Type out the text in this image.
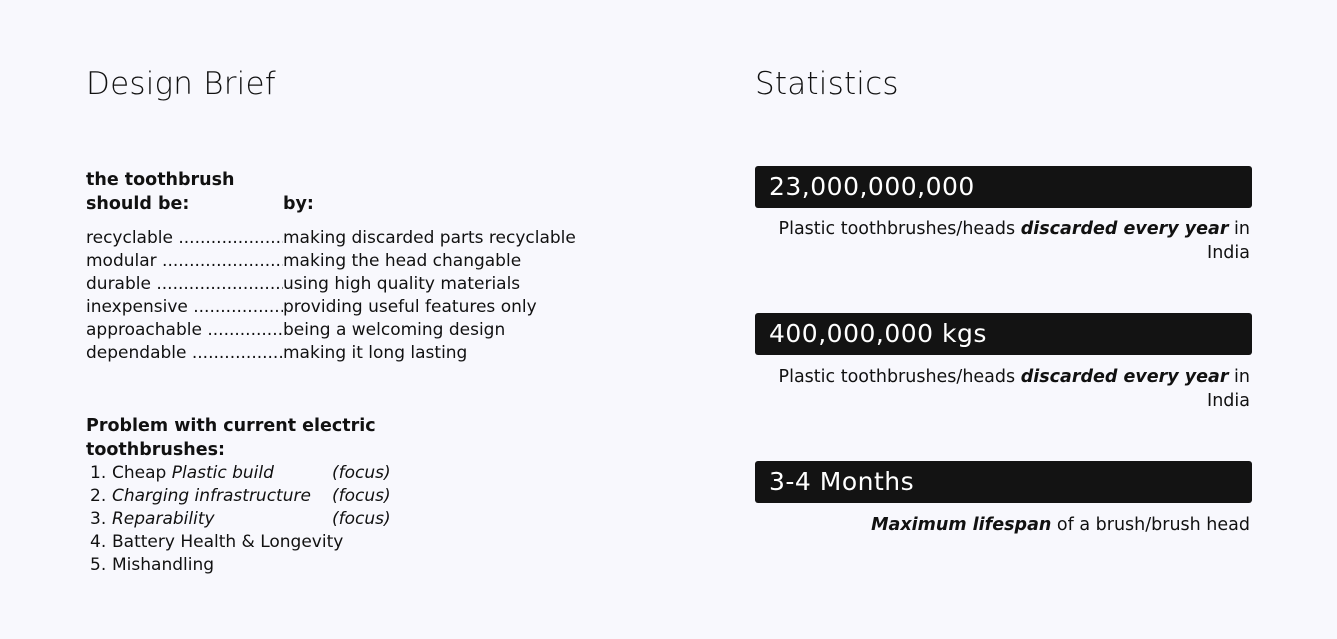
Design Brief	Statistics
the toothbrush
should be:	by:
recyclable .....	making discarded parts recyclable
modular .....	making the head changable
durable .....	using high quality materials
inexpensive .....	providing useful features only
approachable .....	being a welcoming design
dependable .....	making it long lasting
Problem with current electric toothbrushes:
1. Cheap Plastic build	(focus)
2. Charging infrastructure	(focus)
3. Reparability	(focus)
4. Battery Health & Longevity
5. Mishandling
23,000,000,000
Plastic toothbrushes/heads discarded every year in India
400,000,000 kgs
Plastic toothbrushes/heads discarded every year in India
3-4 Months
Maximum lifespan of a brush/brush head
